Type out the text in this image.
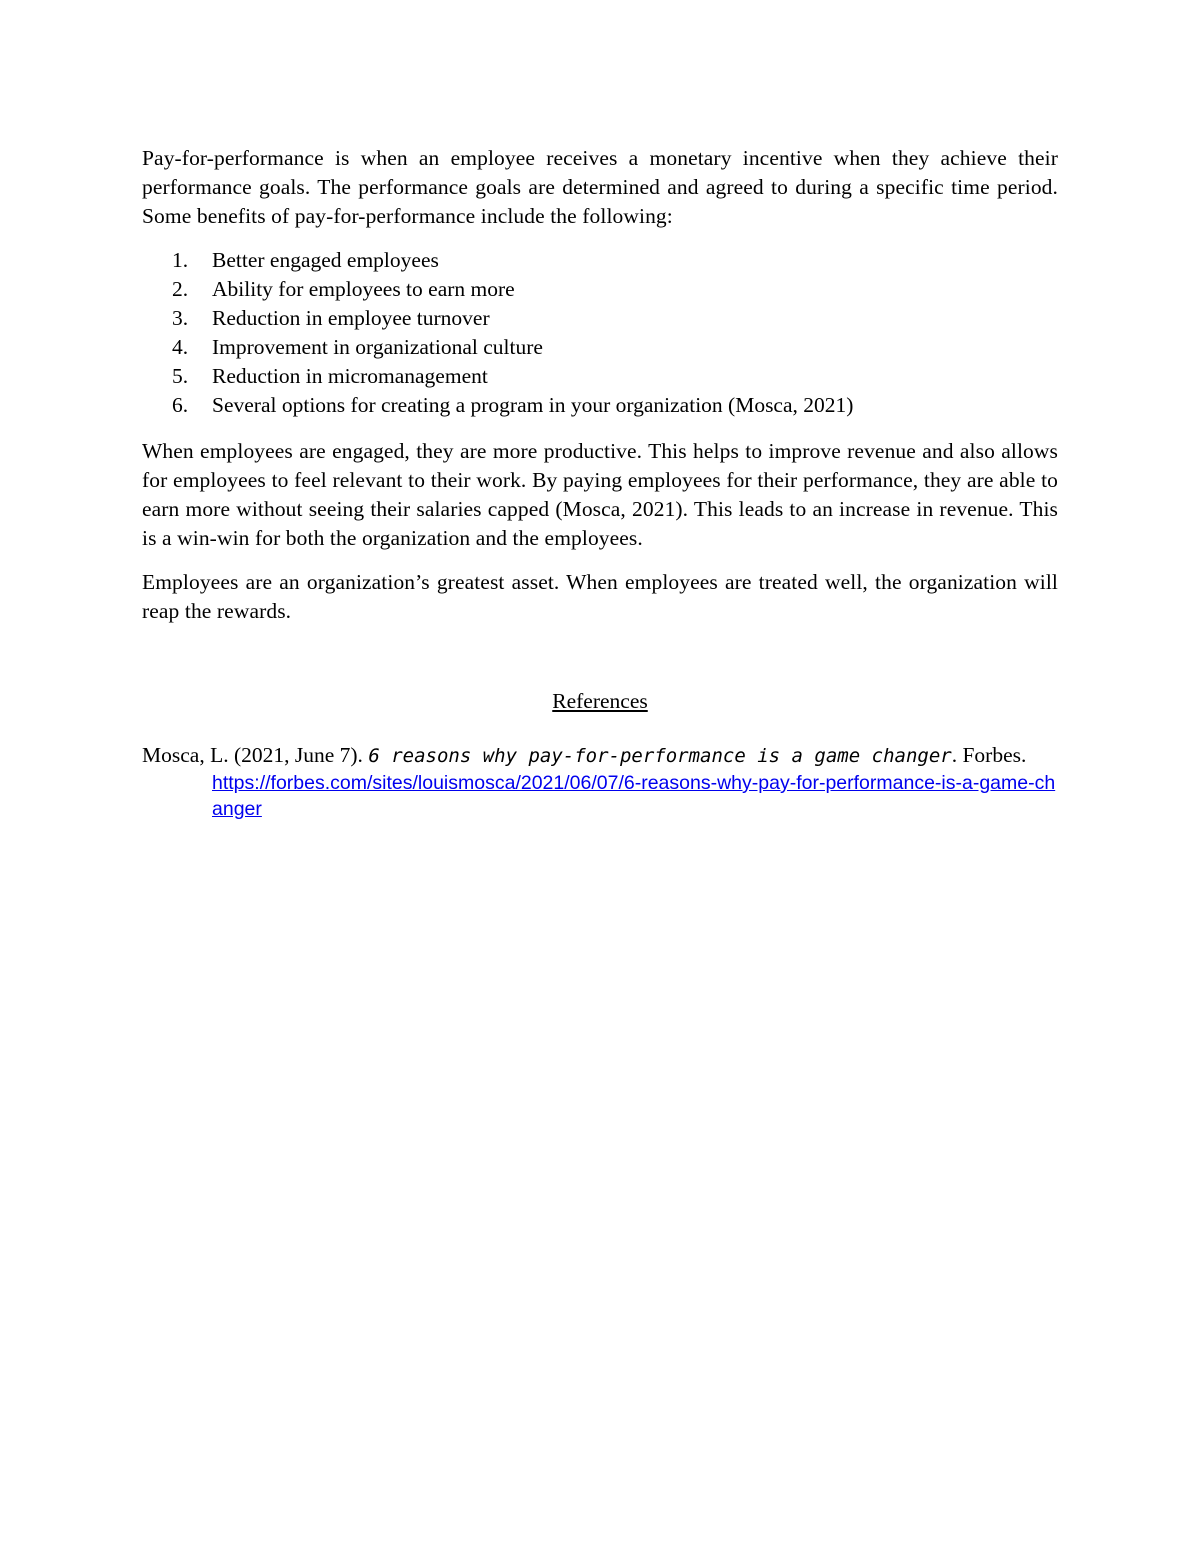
Pay-for-performance is when an employee receives a monetary incentive when they achieve their performance goals. The performance goals are determined and agreed to during a specific time period. Some benefits of pay-for-performance include the following:

1. Better engaged employees
2. Ability for employees to earn more
3. Reduction in employee turnover
4. Improvement in organizational culture
5. Reduction in micromanagement
6. Several options for creating a program in your organization (Mosca, 2021)

When employees are engaged, they are more productive. This helps to improve revenue and also allows for employees to feel relevant to their work. By paying employees for their performance, they are able to earn more without seeing their salaries capped (Mosca, 2021). This leads to an increase in revenue. This is a win-win for both the organization and the employees.

Employees are an organization’s greatest asset. When employees are treated well, the organization will reap the rewards.

References
Mosca, L. (2021, June 7). 6 reasons why pay-for-performance is a game changer. Forbes.
https://forbes.com/sites/louismosca/2021/06/07/6-reasons-why-pay-for-performance-is-a-game-changer
